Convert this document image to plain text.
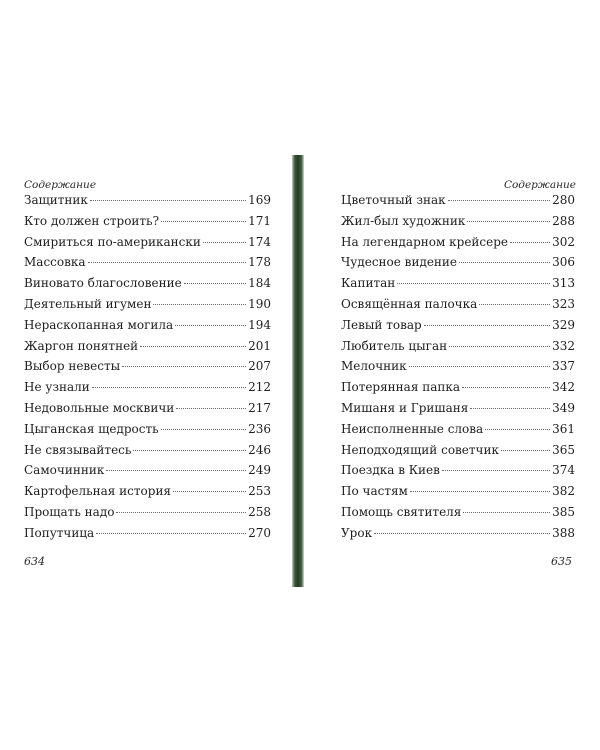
Содержание
Защитник	169
Кто должен строить?	171
Смириться по-американски	174
Массовка	178
Виновато благословение	184
Деятельный игумен	190
Нераскопанная могила	194
Жаргон понятней	201
Выбор невесты	207
Не узнали	212
Недовольные москвичи	217
Цыганская щедрость	236
Не связывайтесь	246
Самочинник	249
Картофельная история	253
Прощать надо	258
Попутчица	270
634
Содержание
Цветочный знак	280
Жил-был художник	288
На легендарном крейсере	302
Чудесное видение	306
Капитан	313
Освящённая палочка	323
Левый товар	329
Любитель цыган	332
Мелочник	337
Потерянная папка	342
Мишаня и Гришаня	349
Неисполненные слова	361
Неподходящий советчик	365
Поездка в Киев	374
По частям	382
Помощь святителя	385
Урок	388
635
